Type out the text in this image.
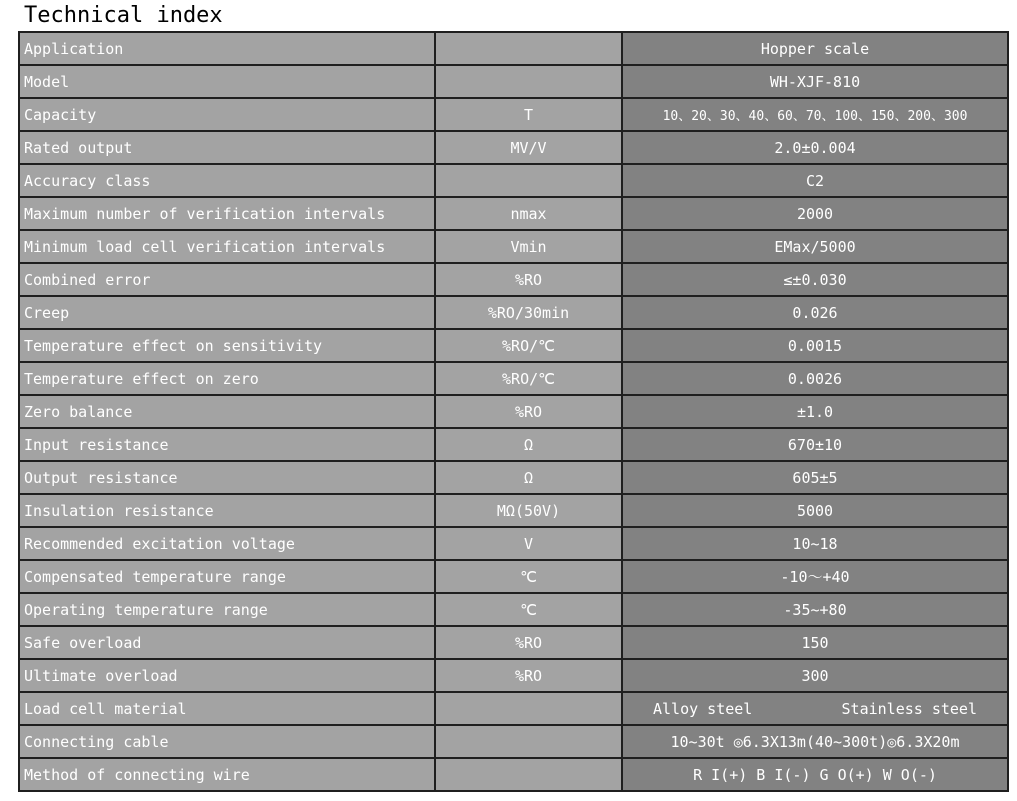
Technical index
Application		Hopper scale
Model		WH-XJF-810
Capacity	T	10、20、30、40、60、70、100、150、200、300
Rated output	MV/V	2.0±0.004
Accuracy class		C2
Maximum number of verification intervals	nmax	2000
Minimum load cell verification intervals	Vmin	EMax/5000
Combined error	%RO	≤±0.030
Creep	%RO/30min	0.026
Temperature effect on sensitivity	%RO/℃	0.0015
Temperature effect on zero	%RO/℃	0.0026
Zero balance	%RO	±1.0
Input resistance	Ω	670±10
Output resistance	Ω	605±5
Insulation resistance	MΩ(50V)	5000
Recommended excitation voltage	V	10~18
Compensated temperature range	℃	-10～+40
Operating temperature range	℃	-35~+80
Safe overload	%RO	150
Ultimate overload	%RO	300
Load cell material		Alloy steel Stainless steel

Connecting cable		10~30t ◎6.3X13m(40~300t)◎6.3X20m
Method of connecting wire		R I(+) B I(-) G O(+) W O(-)
